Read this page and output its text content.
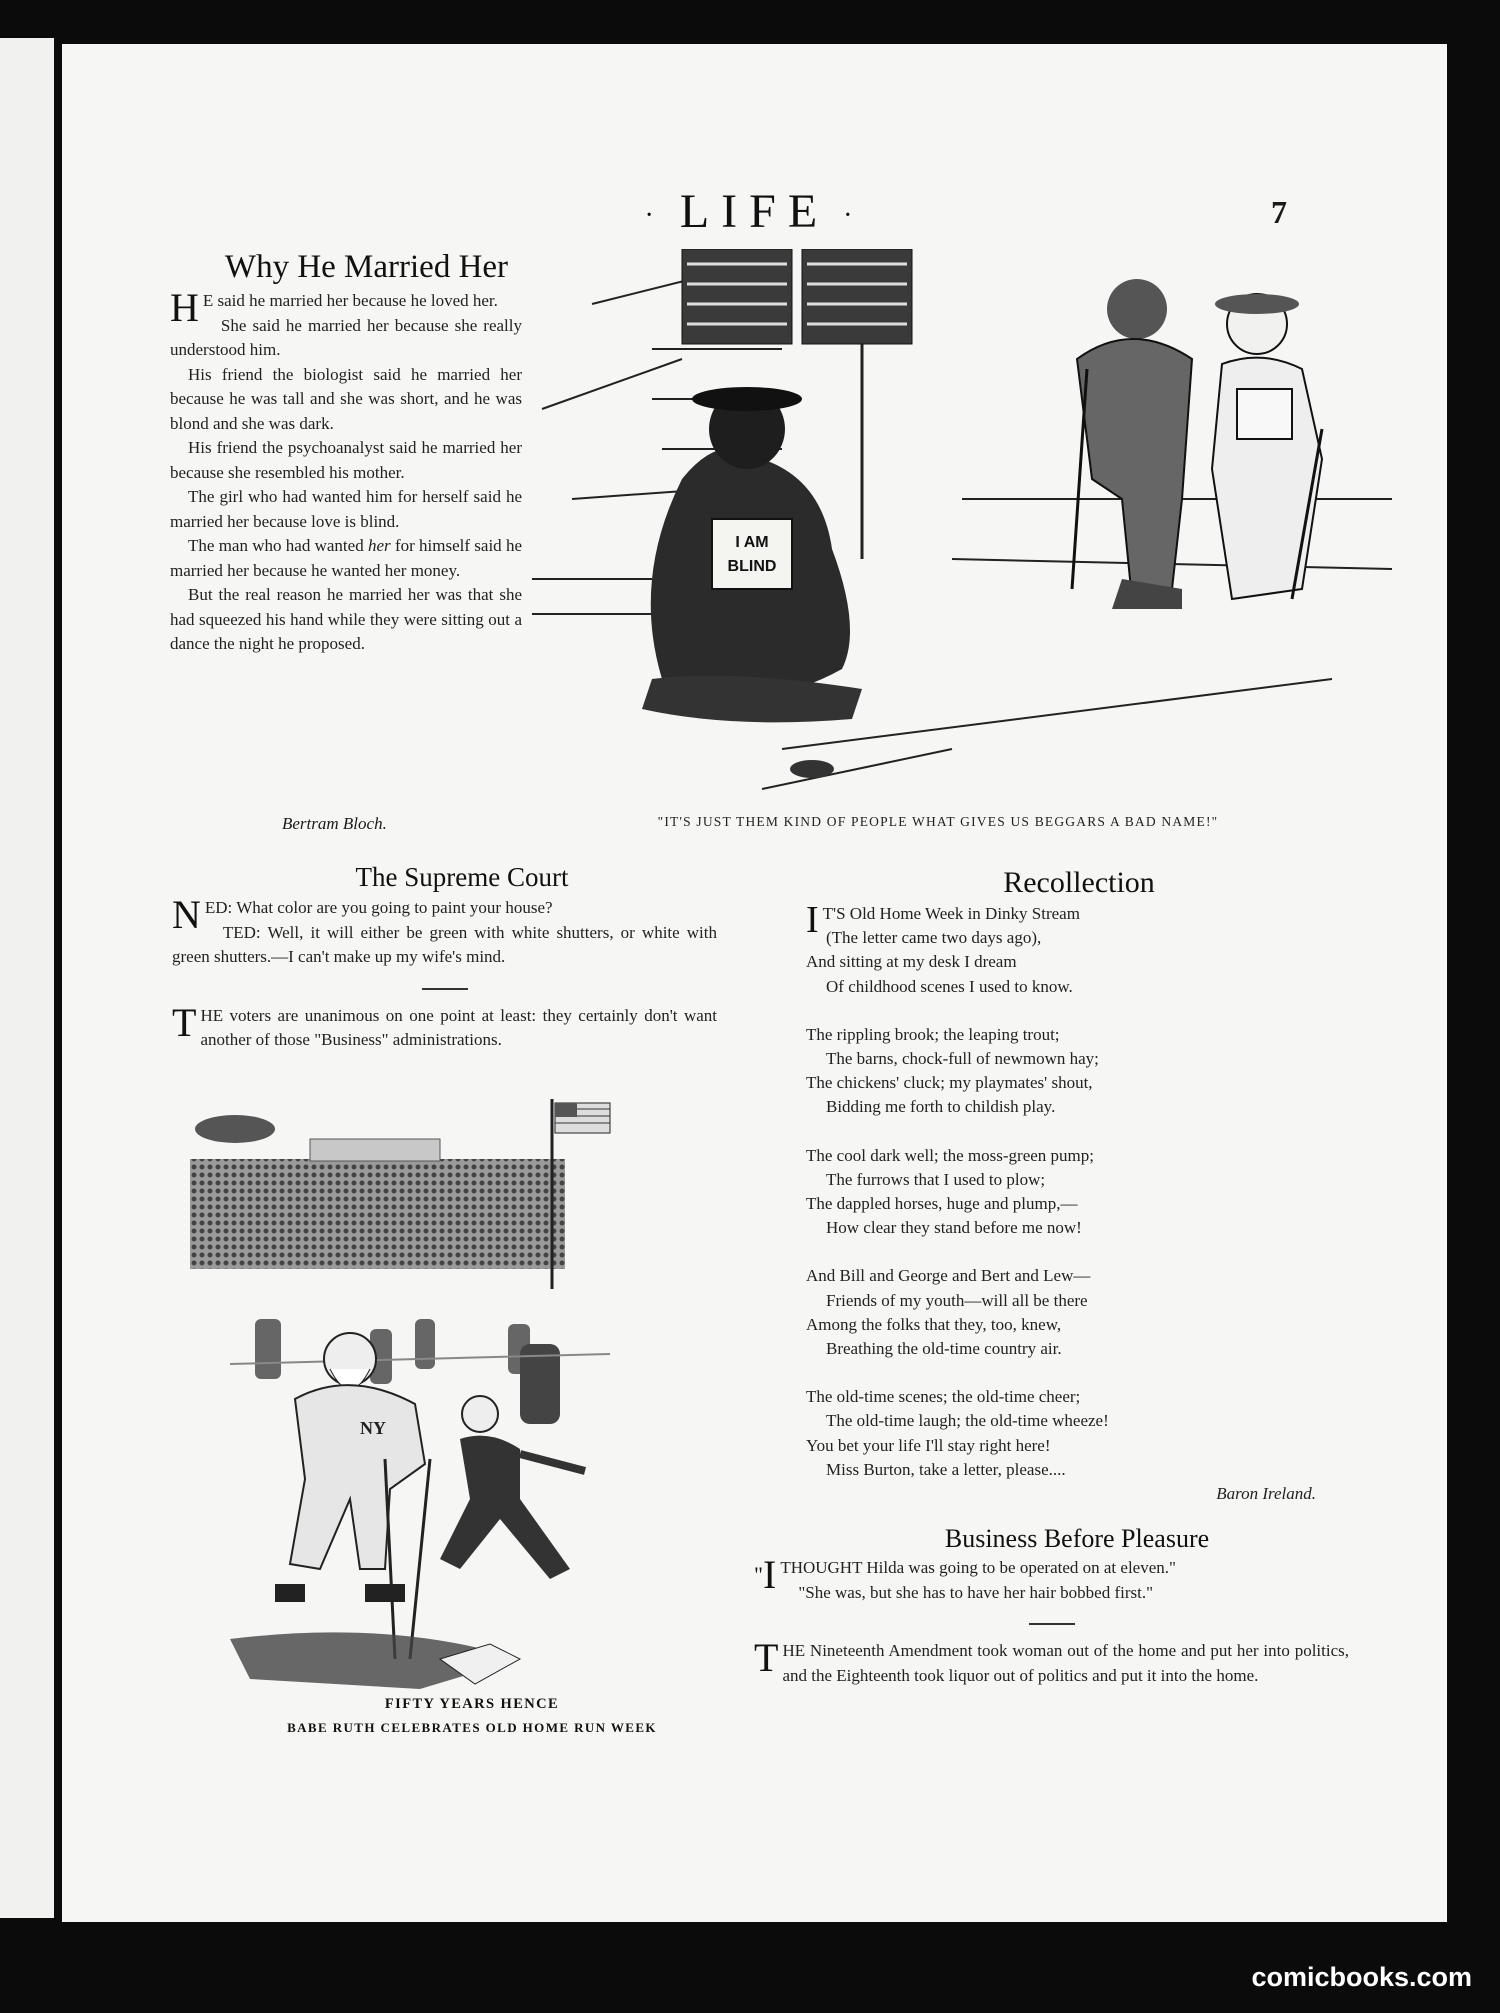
· LIFE ·	7
Why He Married Her

H E said he married her because he loved her.

She said he married her because she really understood him.

His friend the biologist said he married her because he was tall and she was short, and he was blond and she was dark.

His friend the psychoanalyst said he married her because she resembled his mother.

The girl who had wanted him for herself said he married her because love is blind.

The man who had wanted her for himself said he married her because he wanted her money.

But the real reason he married her was that she had squeezed his hand while they were sitting out a dance the night he proposed.

Bertram Bloch.
I AM
BLIND
"IT'S JUST THEM KIND OF PEOPLE WHAT GIVES US BEGGARS A BAD NAME!"
The Supreme Court

NED: What color are you going to paint your house?

TED: Well, it will either be green with white shutters, or white with green shutters.—I can't make up my wife's mind.

THE voters are unanimous on one point at least: they certainly don't want another of those "Business" administrations.

NY
FIFTY YEARS HENCE
BABE RUTH CELEBRATES OLD HOME RUN WEEK
Recollection
I T'S Old Home Week in Dinky Stream
(The letter came two days ago),
And sitting at my desk I dream
Of childhood scenes I used to know.
The rippling brook; the leaping trout;
The barns, chock-full of newmown hay;
The chickens' cluck; my playmates' shout,
Bidding me forth to childish play.
The cool dark well; the moss-green pump;
The furrows that I used to plow;
The dappled horses, huge and plump,—
How clear they stand before me now!
And Bill and George and Bert and Lew—
Friends of my youth—will all be there
Among the folks that they, too, knew,
Breathing the old-time country air.
The old-time scenes; the old-time cheer;
The old-time laugh; the old-time wheeze!
You bet your life I'll stay right here!
Miss Burton, take a letter, please....
Baron Ireland.
Business Before Pleasure

" I THOUGHT Hilda was going to be operated on at eleven."

"She was, but she has to have her hair bobbed first."

THE Nineteenth Amendment took woman out of the home and put her into politics, and the Eighteenth took liquor out of politics and put it into the home.

comicbooks.com
